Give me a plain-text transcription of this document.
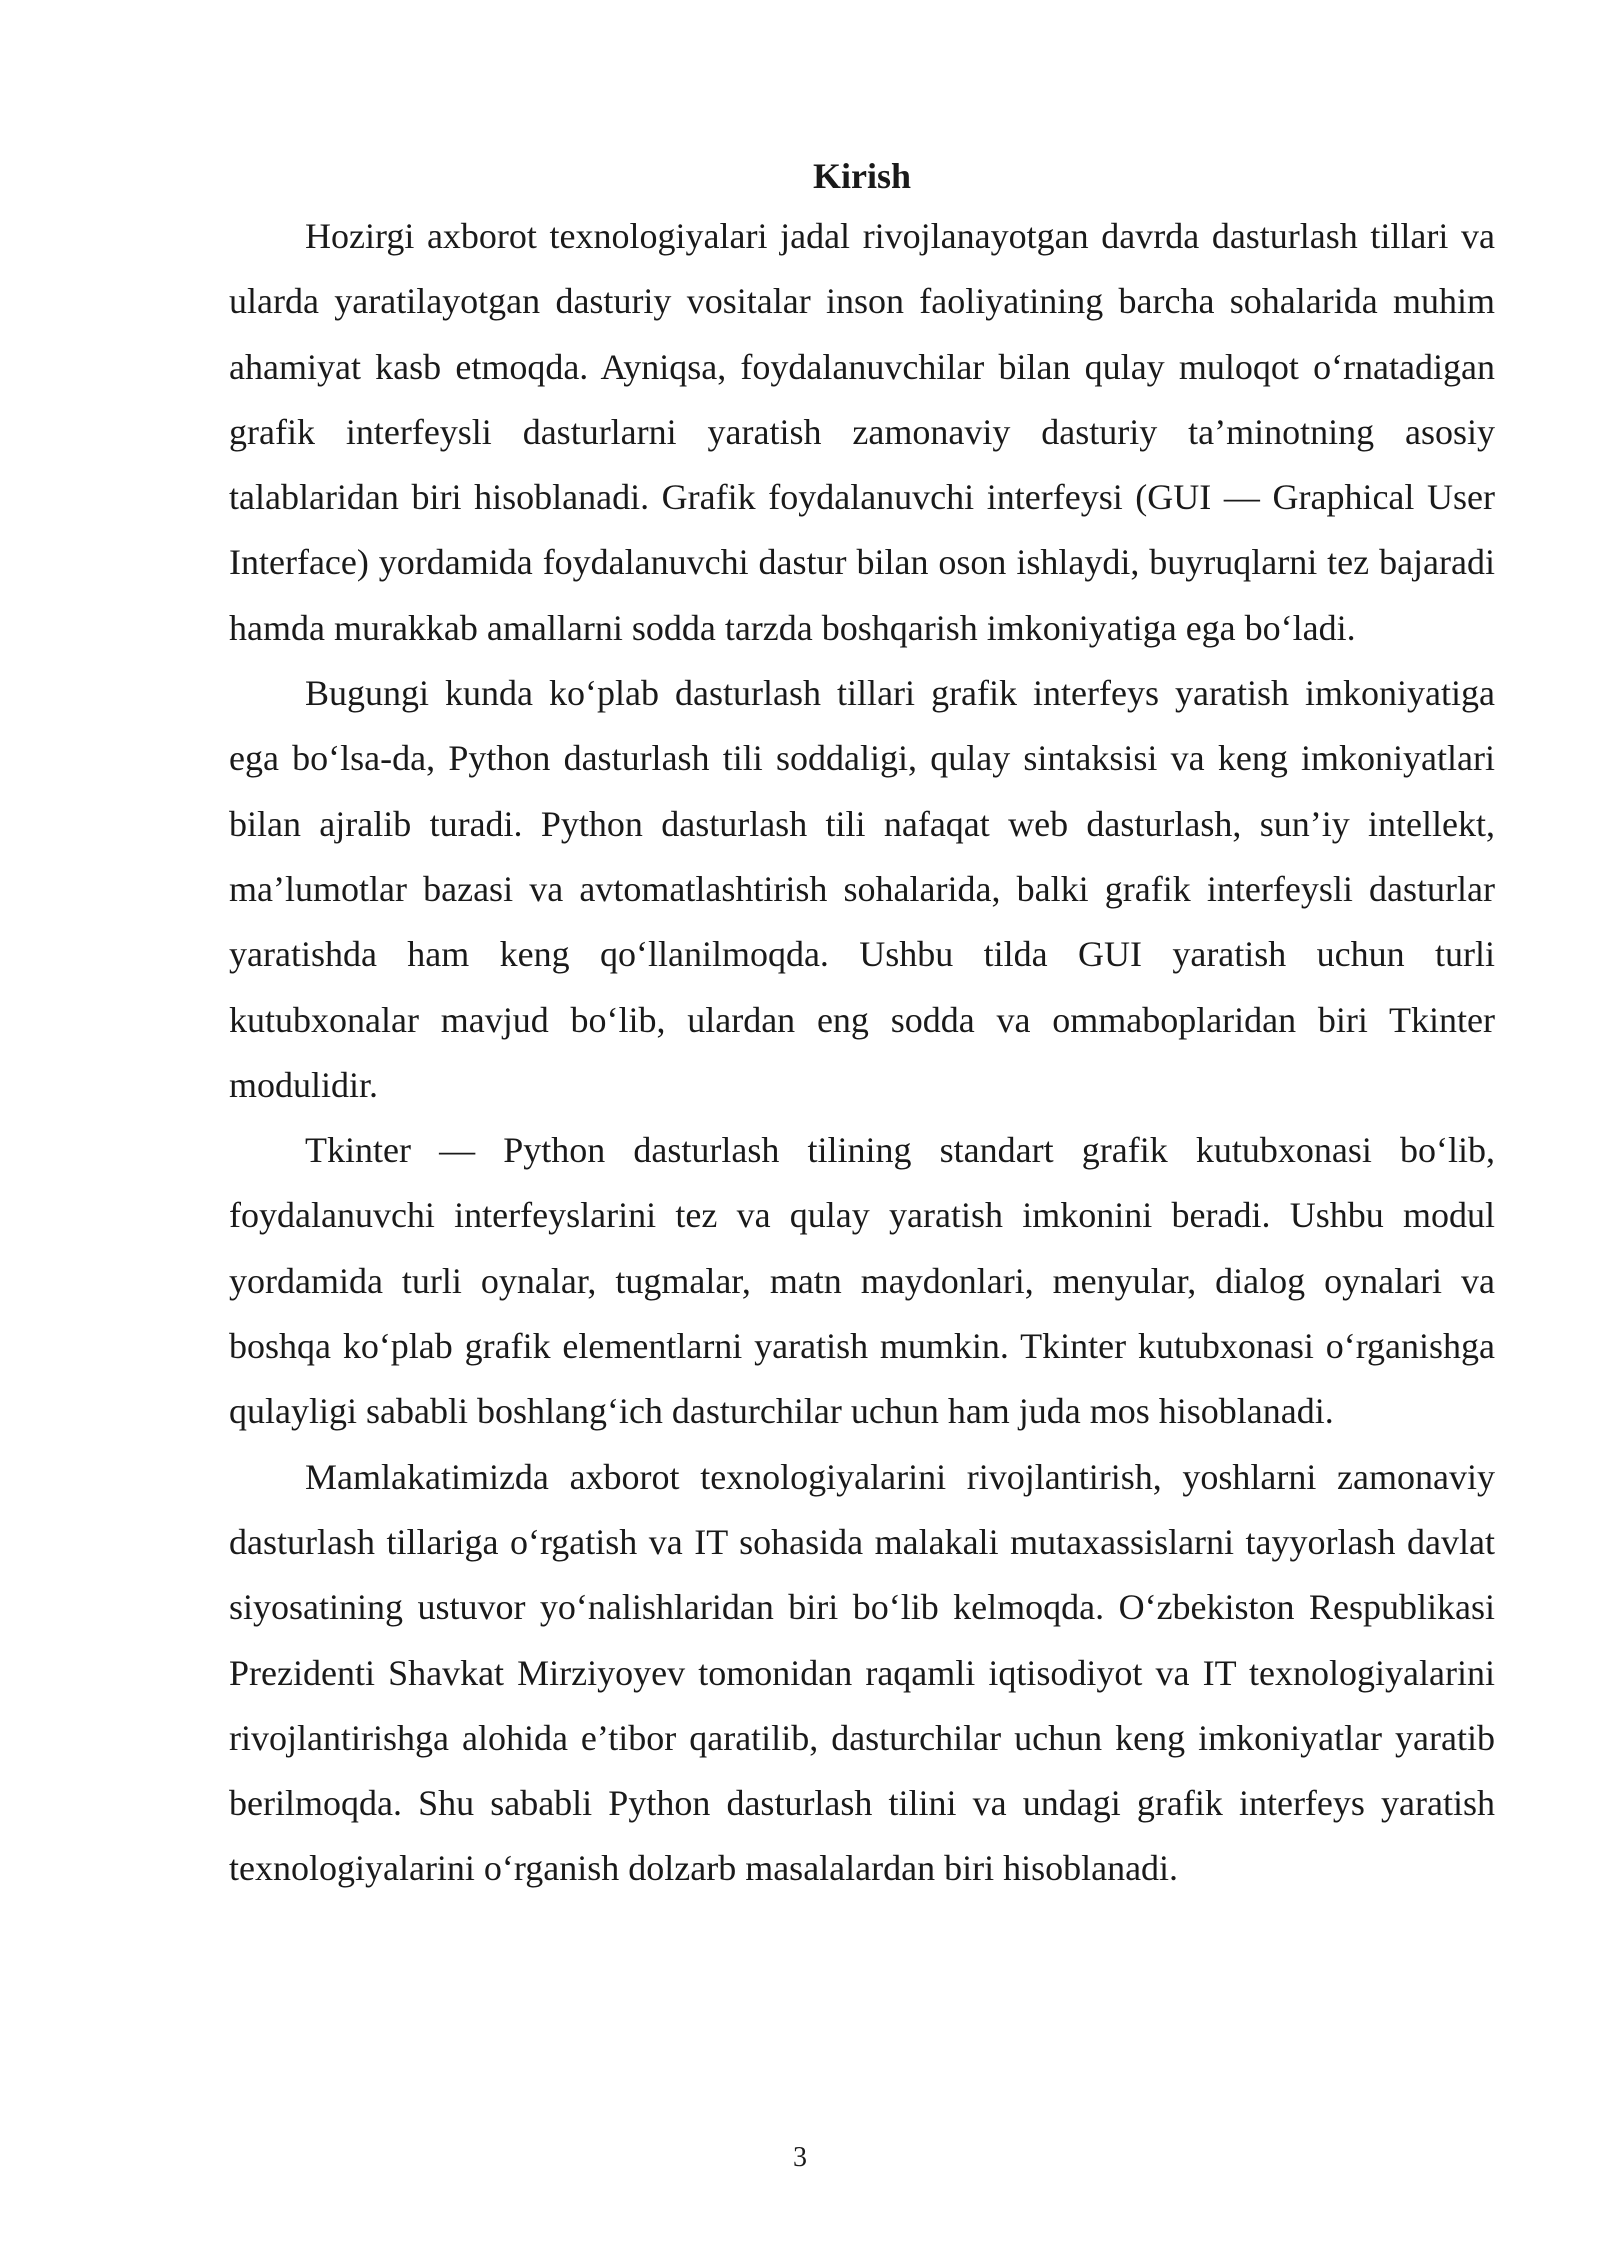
Kirish

Hozirgi axborot texnologiyalari jadal rivojlanayotgan davrda dasturlash tillari va ularda yaratilayotgan dasturiy vositalar inson faoliyatining barcha sohalarida muhim ahamiyat kasb etmoqda. Ayniqsa, foydalanuvchilar bilan qulay muloqot o‘rnatadigan grafik interfeysli dasturlarni yaratish zamonaviy dasturiy ta’minotning asosiy talablaridan biri hisoblanadi. Grafik foydalanuvchi interfeysi (GUI — Graphical User Interface) yordamida foydalanuvchi dastur bilan oson ishlaydi, buyruqlarni tez bajaradi hamda murakkab amallarni sodda tarzda boshqarish imkoniyatiga ega bo‘ladi.

Bugungi kunda ko‘plab dasturlash tillari grafik interfeys yaratish imkoniyatiga ega bo‘lsa-da, Python dasturlash tili soddaligi, qulay sintaksisi va keng imkoniyatlari bilan ajralib turadi. Python dasturlash tili nafaqat web dasturlash, sun’iy intellekt, ma’lumotlar bazasi va avtomatlashtirish sohalarida, balki grafik interfeysli dasturlar yaratishda ham keng qo‘llanilmoqda. Ushbu tilda GUI yaratish uchun turli kutubxonalar mavjud bo‘lib, ulardan eng sodda va ommaboplaridan biri Tkinter modulidir.

Tkinter — Python dasturlash tilining standart grafik kutubxonasi bo‘lib, foydalanuvchi interfeyslarini tez va qulay yaratish imkonini beradi. Ushbu modul yordamida turli oynalar, tugmalar, matn maydonlari, menyular, dialog oynalari va boshqa ko‘plab grafik elementlarni yaratish mumkin. Tkinter kutubxonasi o‘rganishga qulayligi sababli boshlang‘ich dasturchilar uchun ham juda mos hisoblanadi.

Mamlakatimizda axborot texnologiyalarini rivojlantirish, yoshlarni zamonaviy dasturlash tillariga o‘rgatish va IT sohasida malakali mutaxassislarni tayyorlash davlat siyosatining ustuvor yo‘nalishlaridan biri bo‘lib kelmoqda. O‘zbekiston Respublikasi Prezidenti Shavkat Mirziyoyev tomonidan raqamli iqtisodiyot va IT texnologiyalarini rivojlantirishga alohida e’tibor qaratilib, dasturchilar uchun keng imkoniyatlar yaratib berilmoqda. Shu sababli Python dasturlash tilini va undagi grafik interfeys yaratish texnologiyalarini o‘rganish dolzarb masalalardan biri hisoblanadi.

3
